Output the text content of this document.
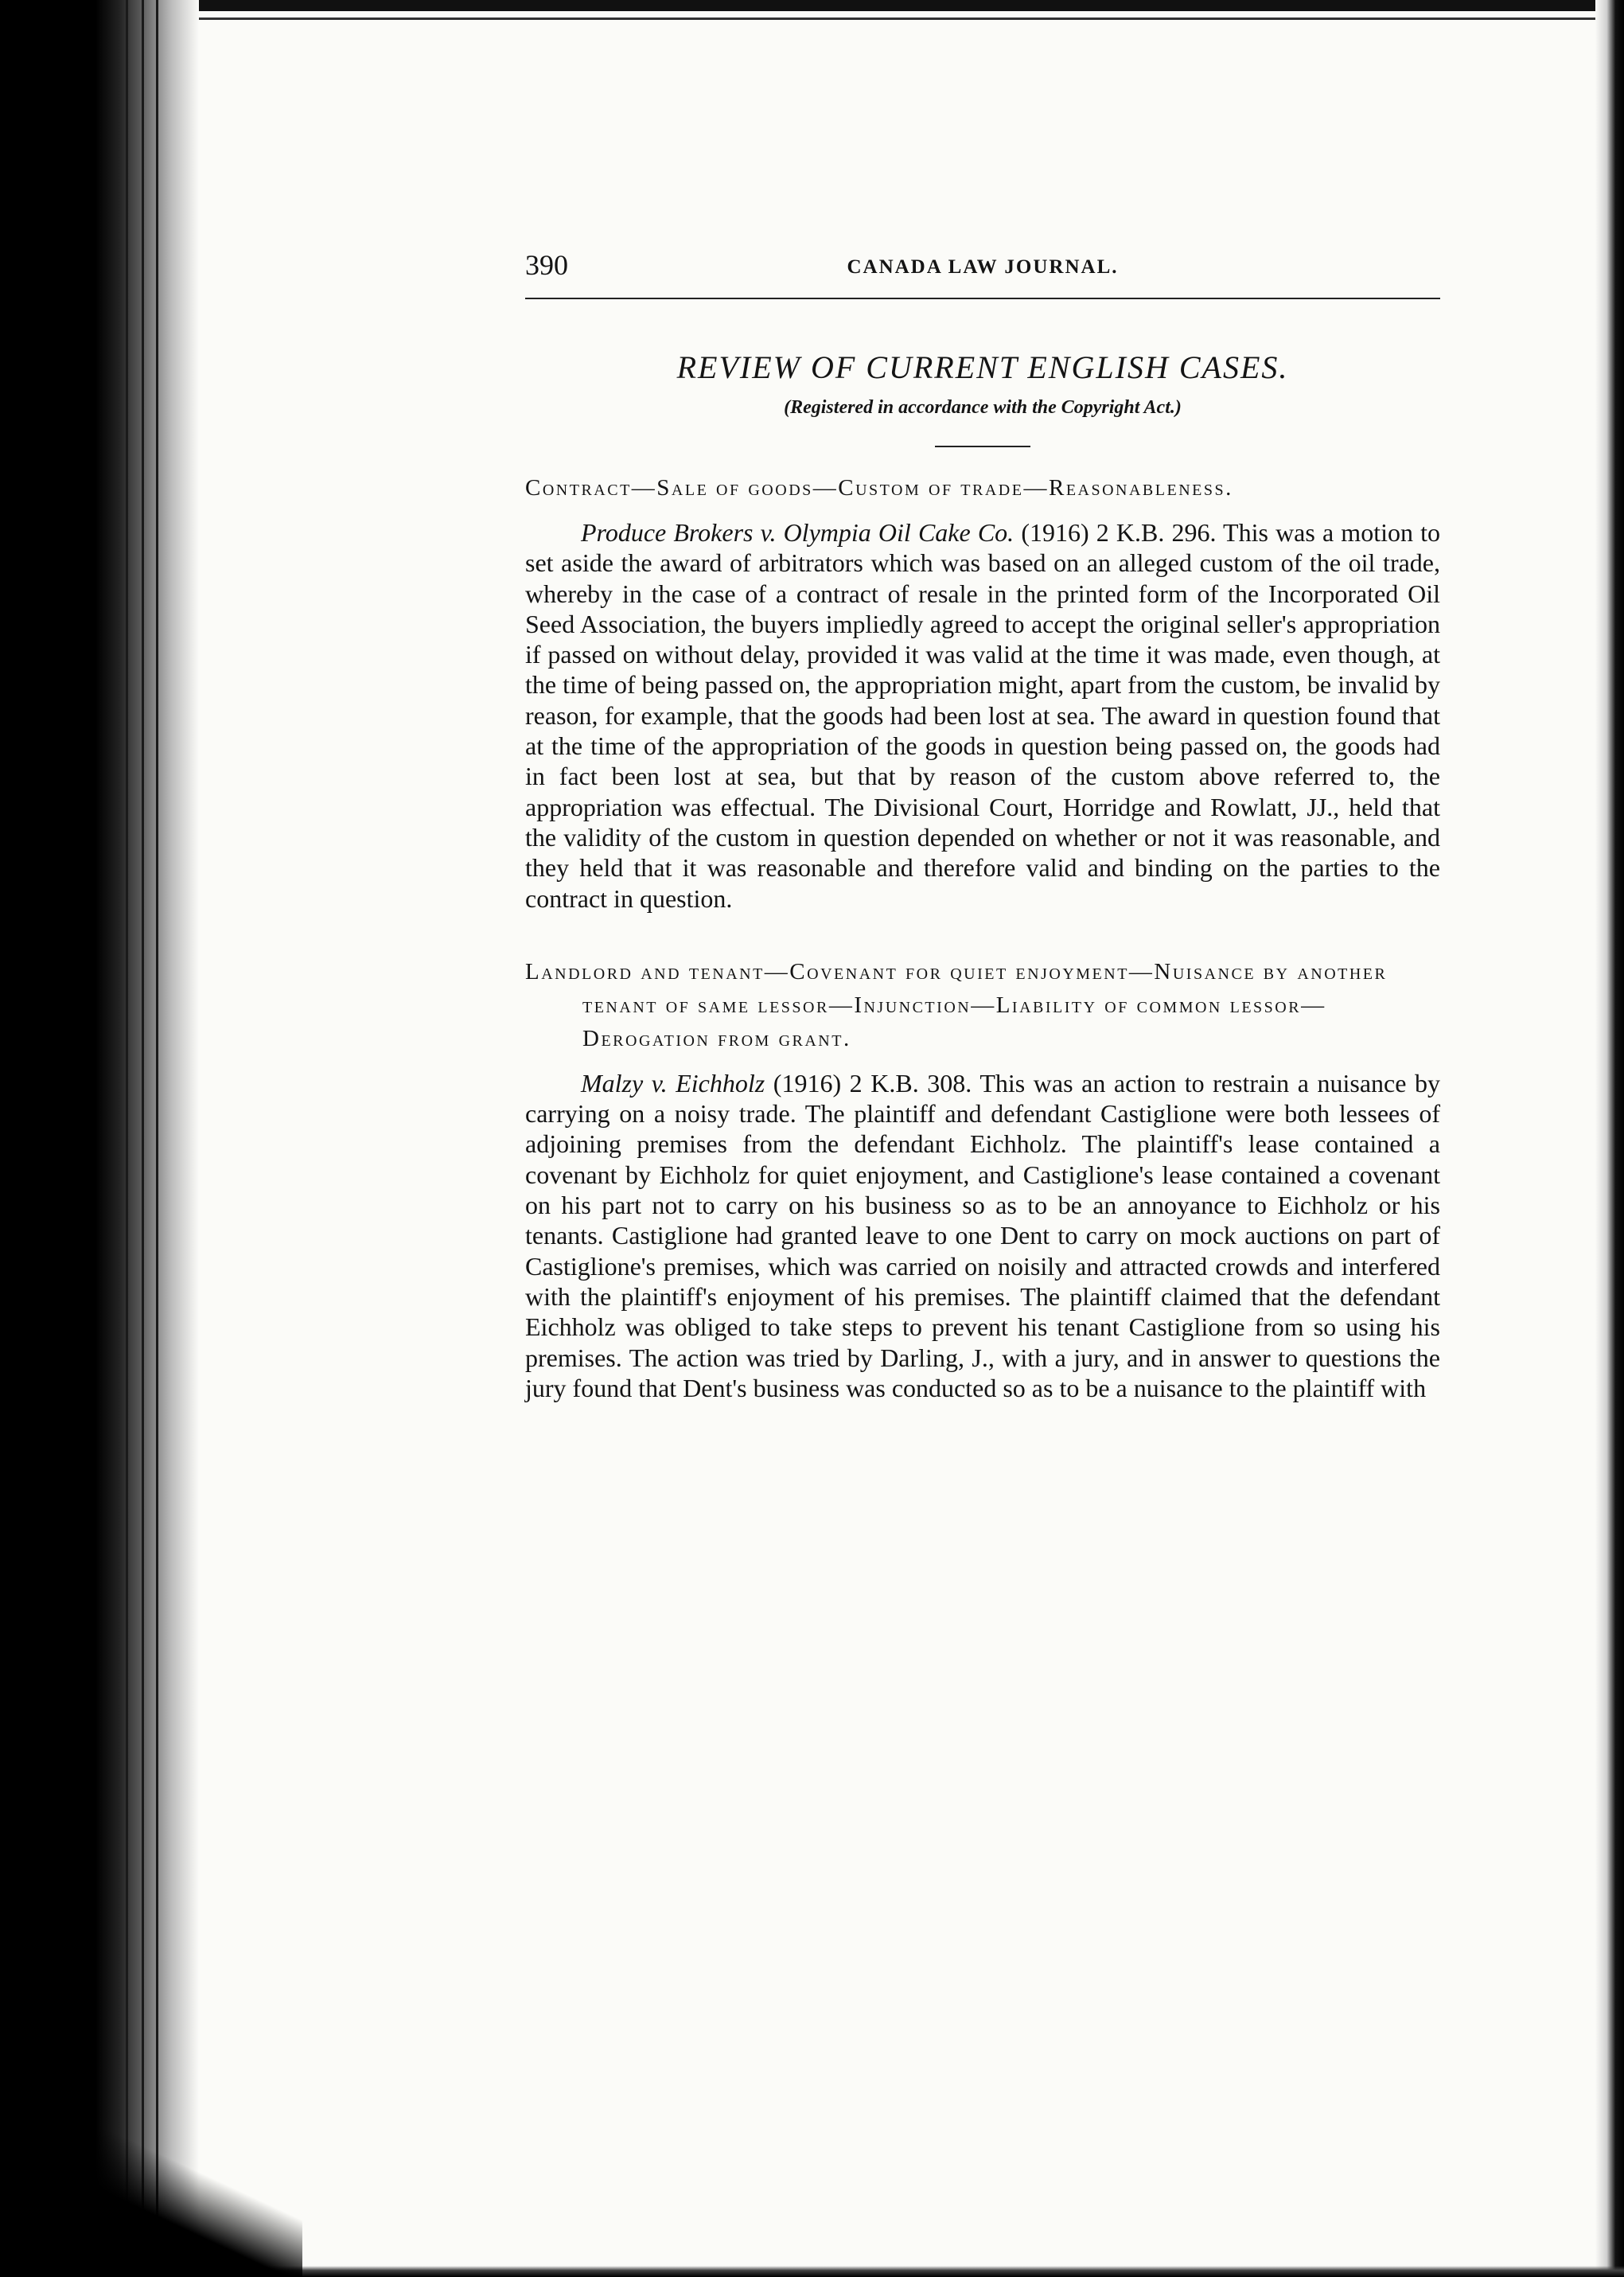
390	CANADA LAW JOURNAL.
REVIEW OF CURRENT ENGLISH CASES.
(Registered in accordance with the Copyright Act.)
Contract—Sale of goods—Custom of trade—Reasonableness.

Produce Brokers v. Olympia Oil Cake Co. (1916) 2 K.B. 296. This was a motion to set aside the award of arbitrators which was based on an alleged custom of the oil trade, whereby in the case of a contract of resale in the printed form of the Incorporated Oil Seed Association, the buyers impliedly agreed to accept the original seller's appropriation if passed on without delay, provided it was valid at the time it was made, even though, at the time of being passed on, the appropriation might, apart from the custom, be invalid by reason, for example, that the goods had been lost at sea. The award in question found that at the time of the appropriation of the goods in question being passed on, the goods had in fact been lost at sea, but that by reason of the custom above referred to, the appropriation was effectual. The Divisional Court, Horridge and Rowlatt, JJ., held that the validity of the custom in question depended on whether or not it was reasonable, and they held that it was reasonable and therefore valid and binding on the parties to the contract in question.

Landlord and tenant—Covenant for quiet enjoyment—Nuisance by another tenant of same lessor—Injunction—Liability of common lessor—Derogation from grant.

Malzy v. Eichholz (1916) 2 K.B. 308. This was an action to restrain a nuisance by carrying on a noisy trade. The plaintiff and defendant Castiglione were both lessees of adjoining premises from the defendant Eichholz. The plaintiff's lease contained a covenant by Eichholz for quiet enjoyment, and Castiglione's lease contained a covenant on his part not to carry on his business so as to be an annoyance to Eichholz or his tenants. Castiglione had granted leave to one Dent to carry on mock auctions on part of Castiglione's premises, which was carried on noisily and attracted crowds and interfered with the plaintiff's enjoyment of his premises. The plaintiff claimed that the defendant Eichholz was obliged to take steps to prevent his tenant Castiglione from so using his premises. The action was tried by Darling, J., with a jury, and in answer to questions the jury found that Dent's business was conducted so as to be a nuisance to the plaintiff with
